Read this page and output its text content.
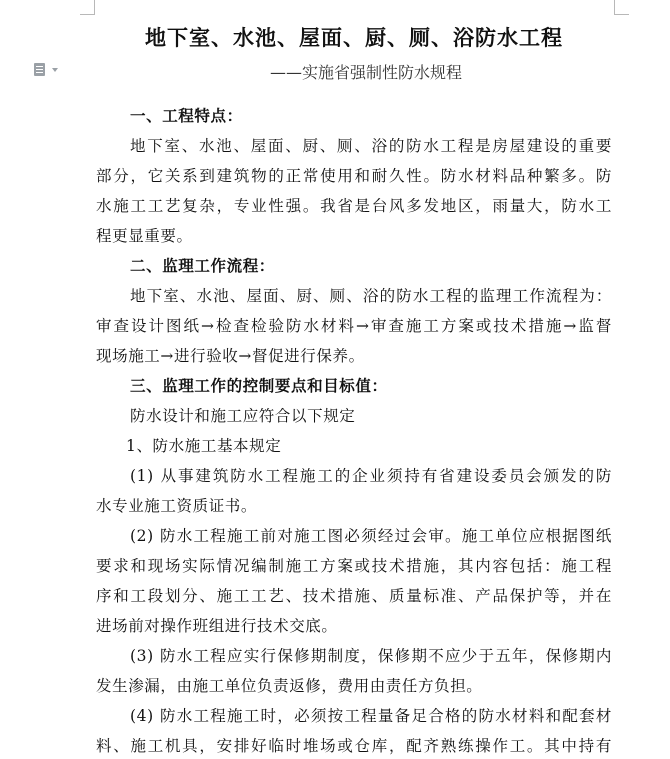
地下室、水池、屋面、厨、厕、浴防水工程
——实施省强制性防水规程
一、工程特点：
地下室、水池、屋面、厨、厕、浴的防水工程是房屋建设的重要
部分，它关系到建筑物的正常使用和耐久性。防水材料品种繁多。防
水施工工艺复杂，专业性强。我省是台风多发地区，雨量大，防水工
程更显重要。
二、监理工作流程：
地下室、水池、屋面、厨、厕、浴的防水工程的监理工作流程为：
审查设计图纸→检查检验防水材料→审查施工方案或技术措施→监督
现场施工→进行验收→督促进行保养。
三、监理工作的控制要点和目标值：
防水设计和施工应符合以下规定
1、防水施工基本规定
(1) 从事建筑防水工程施工的企业须持有省建设委员会颁发的防
水专业施工资质证书。
(2) 防水工程施工前对施工图必须经过会审。施工单位应根据图纸
要求和现场实际情况编制施工方案或技术措施，其内容包括：施工程
序和工段划分、施工工艺、技术措施、质量标准、产品保护等，并在
进场前对操作班组进行技术交底。
(3) 防水工程应实行保修期制度，保修期不应少于五年，保修期内
发生渗漏，由施工单位负责返修，费用由责任方负担。
(4) 防水工程施工时，必须按工程量备足合格的防水材料和配套材
料、施工机具，安排好临时堆场或仓库，配齐熟练操作工。其中持有
